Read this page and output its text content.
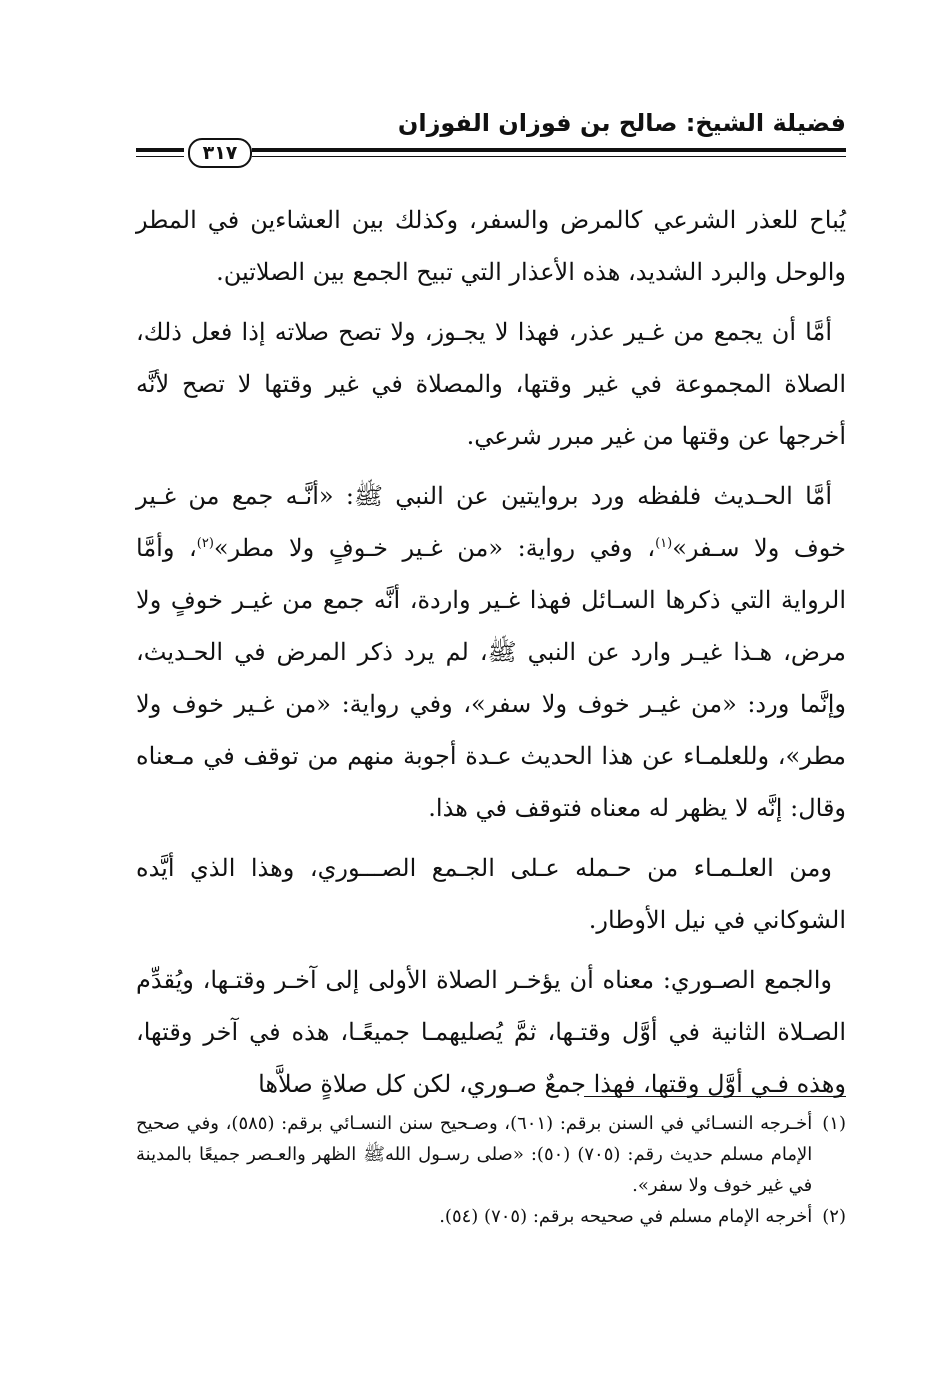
فضيلة الشيخ: صالح بن فوزان الفوزان
٣١٧

يُباح للعذر الشرعي كالمرض والسفر، وكذلك بين العشاءين في المطر والوحل والبرد الشديد، هذه الأعذار التي تبيح الجمع بين الصلاتين.

أمَّا أن يجمع من غـير عذر، فهذا لا يجـوز، ولا تصح صلاته إذا فعل ذلك، الصلاة المجموعة في غير وقتها، والمصلاة في غير وقتها لا تصح لأنَّه أخرجها عن وقتها من غير مبرر شرعي.

أمَّا الحـديث فلفظه ورد بروايتين عن النبي ﷺ: «أنَّـه جمع من غـير خوف ولا سـفر»$^{(١)}$، وفي رواية: «من غـير خـوفٍ ولا مطر»$^{(٢)}$، وأمَّا الرواية التي ذكرها السـائل فهذا غـير واردة، أنَّه جمع من غيـر خوفٍ ولا مرض، هـذا غيـر وارد عن النبي ﷺ، لم يرد ذكر المرض في الحـديث، وإنَّما ورد: «من غيـر خوف ولا سفر»، وفي رواية: «من غـير خوف ولا مطر»، وللعلمـاء عن هذا الحديث عـدة أجوبة منهم من توقف في مـعناه وقال: إنَّه لا يظهر له معناه فتوقف في هذا.

ومن العلـمـاء من حـمله عـلى الجـمع الصـــوري، وهذا الذي أيَّده الشوكاني في نيل الأوطار.

والجمع الصـوري: معناه أن يؤخـر الصلاة الأولى إلى آخـر وقتـها، ويُقدِّم الصـلاة الثانية في أوَّل وقتـها، ثمَّ يُصليهمـا جميعًـا، هذه في آخر وقتها، وهذه فـي أوَّل وقتها، فهذا جمعٌ صـوري، لكن كل صلاةٍ صلاَّها

(١)
أخـرجه النسـائي في السنن برقم: (٦٠١)، وصـحيح سنن النسـائي برقم: (٥٨٥)، وفي صحيح الإمام مسلم حديث رقم: (٧٠٥) (٥٠): «صلى رسـول اللهﷺ الظهر والعـصر جميعًا بالمدينة في غير خوف ولا سفر».
(٢)
أخرجه الإمام مسلم في صحيحه برقم: (٧٠٥) (٥٤).
